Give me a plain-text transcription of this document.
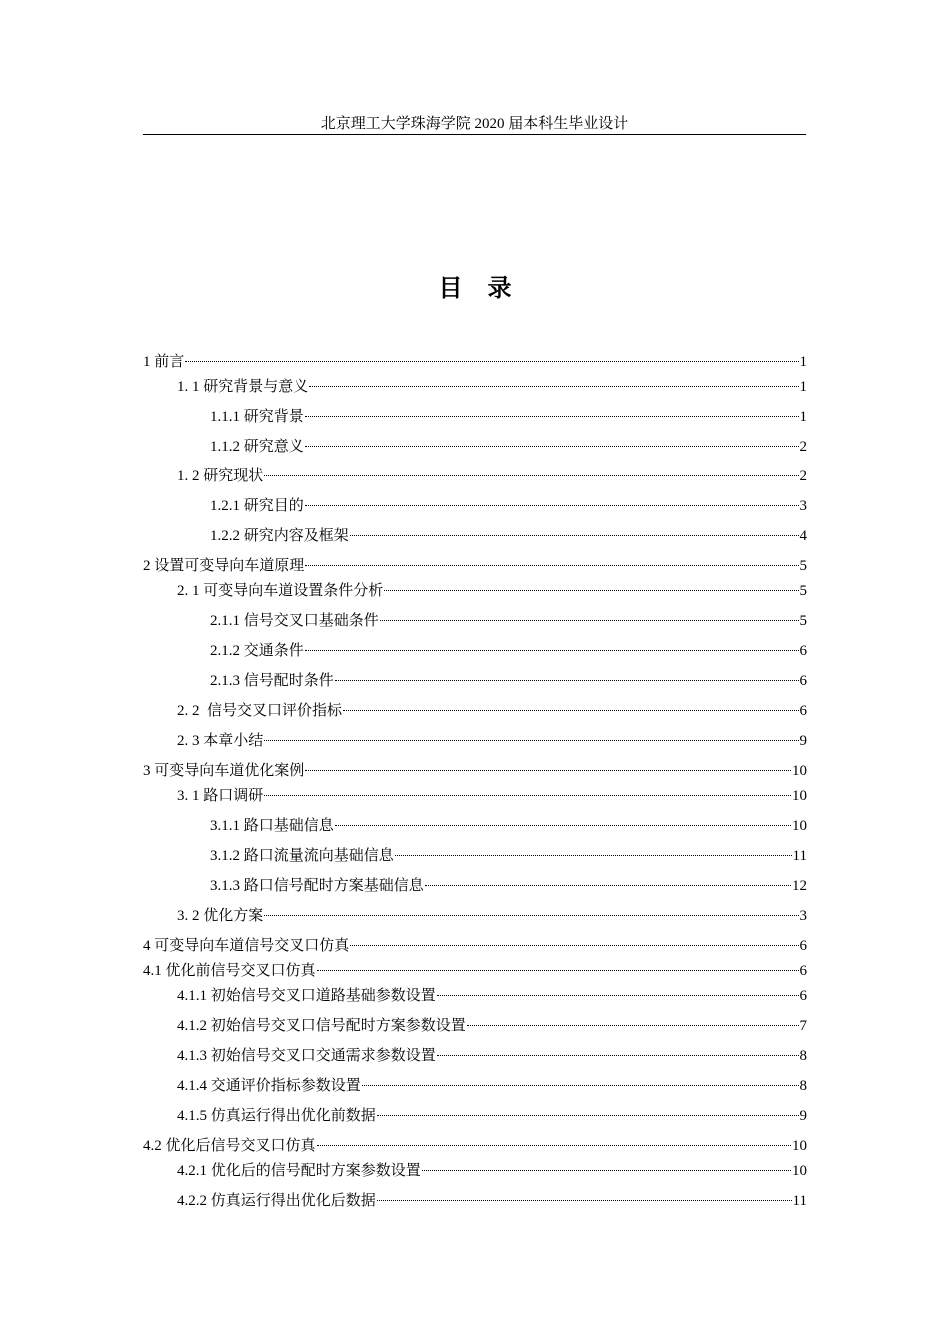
北京理工大学珠海学院 2020 届本科生毕业设计
目   录
1 前言	1
1. 1 研究背景与意义	1
1.1.1 研究背景	1
1.1.2 研究意义	2
1. 2 研究现状	2
1.2.1 研究目的	3
1.2.2 研究内容及框架	4
2 设置可变导向车道原理	5
2. 1 可变导向车道设置条件分析	5
2.1.1 信号交叉口基础条件	5
2.1.2 交通条件	6
2.1.3 信号配时条件	6
2. 2  信号交叉口评价指标	6
2. 3 本章小结	9
3 可变导向车道优化案例	10
3. 1 路口调研	10
3.1.1 路口基础信息	10
3.1.2 路口流量流向基础信息	11
3.1.3 路口信号配时方案基础信息	12
3. 2 优化方案	3
4 可变导向车道信号交叉口仿真	6
4.1 优化前信号交叉口仿真	6
4.1.1 初始信号交叉口道路基础参数设置	6
4.1.2 初始信号交叉口信号配时方案参数设置	7
4.1.3 初始信号交叉口交通需求参数设置	8
4.1.4 交通评价指标参数设置	8
4.1.5 仿真运行得出优化前数据	9
4.2 优化后信号交叉口仿真	10
4.2.1 优化后的信号配时方案参数设置	10
4.2.2 仿真运行得出优化后数据	11
